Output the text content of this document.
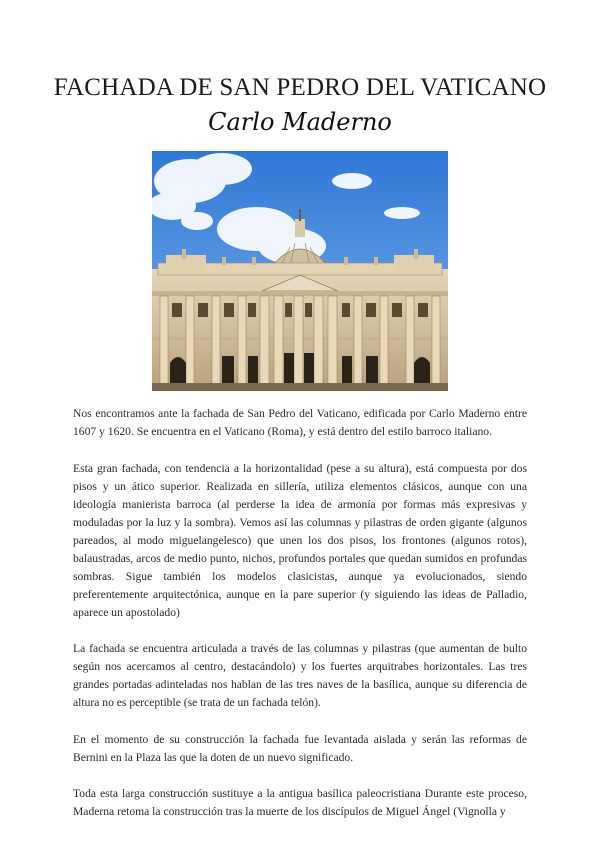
FACHADA DE SAN PEDRO DEL VATICANO
Carlo Maderno

Nos encontramos ante la fachada de San Pedro del Vaticano, edificada por Carlo Maderno entre 1607 y 1620. Se encuentra en el Vaticano (Roma), y está dentro del estilo barroco italiano.

Esta gran fachada, con tendencia a la horizontalidad (pese a su altura), está compuesta por dos pisos y un ático superior. Realizada en sillería, utiliza elementos clásicos, aunque con una ideología manierista barroca (al perderse la idea de armonía por formas más expresivas y moduladas por la luz y la sombra). Vemos así las columnas y pilastras de orden gigante (algunos pareados, al modo miguelangelesco) que unen los dos pisos, los frontones (algunos rotos), balaustradas, arcos de medio punto, nichos, profundos portales que quedan sumidos en profundas sombras. Sigue también los modelos clasicistas, aunque ya evolucionados, siendo preferentemente arquitectónica, aunque en la pare superior (y siguiendo las ideas de Palladio, aparece un apostolado)

La fachada se encuentra articulada a través de las columnas y pilastras (que aumentan de bulto según nos acercamos al centro, destacándolo) y los fuertes arquitrabes horizontales. Las tres grandes portadas adinteladas nos hablan de las tres naves de la basílica, aunque su diferencia de altura no es perceptible (se trata de un fachada telón).

En el momento de su construcción la fachada fue levantada aislada y serán las reformas de Bernini en la Plaza las que la doten de un nuevo significado.

Toda esta larga construcción sustituye a la antigua basílica paleocristiana Durante este proceso, Maderna retoma la construcción tras la muerte de los discípulos de Miguel Ángel (Vignolla y
